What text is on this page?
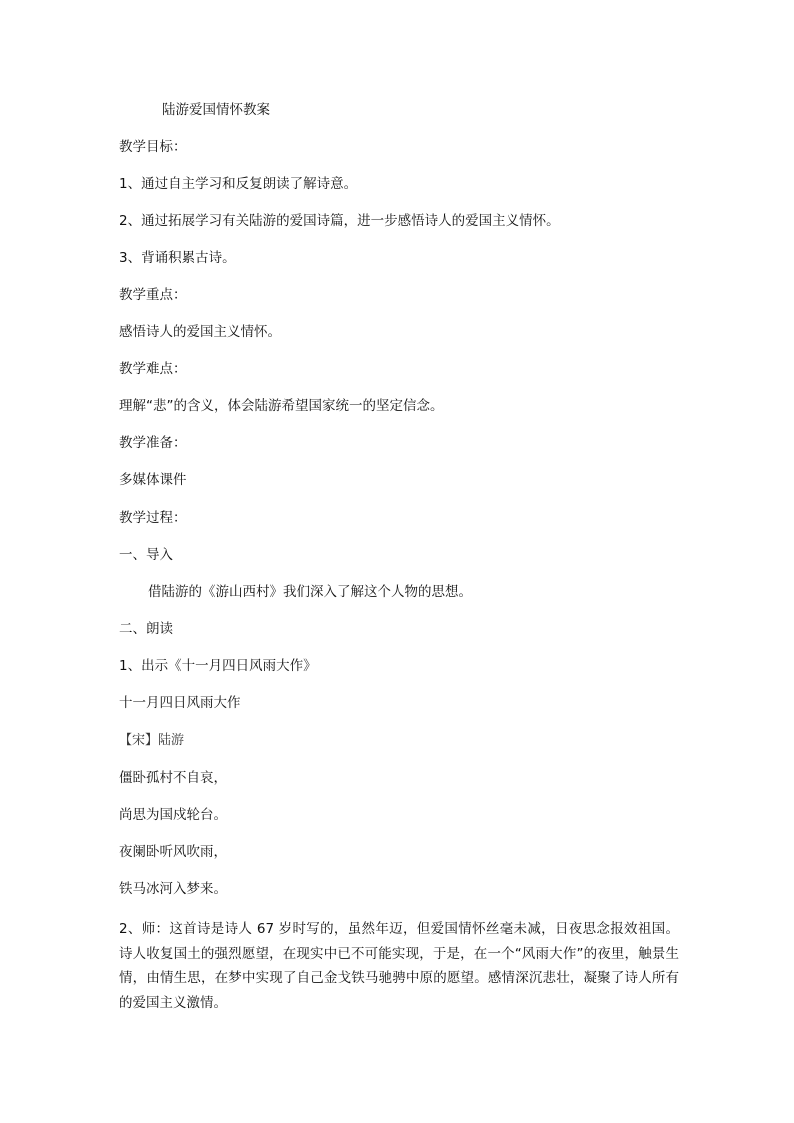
陆游爱国情怀教案
教学目标：
1、通过自主学习和反复朗读了解诗意。
2、通过拓展学习有关陆游的爱国诗篇，进一步感悟诗人的爱国主义情怀。
3、背诵积累古诗。
教学重点：
感悟诗人的爱国主义情怀。
教学难点：
理解“悲”的含义，体会陆游希望国家统一的坚定信念。
教学准备：
多媒体课件
教学过程：
一、导入
借陆游的《游山西村》我们深入了解这个人物的思想。
二、朗读
1、出示《十一月四日风雨大作》
十一月四日风雨大作
【宋】陆游
僵卧孤村不自哀，
尚思为国戍轮台。
夜阑卧听风吹雨，
铁马冰河入梦来。
2、师：这首诗是诗人 67 岁时写的，虽然年迈，但爱国情怀丝毫未减，日夜思念报效祖国。诗人收复国土的强烈愿望，在现实中已不可能实现，于是，在一个“风雨大作”的夜里，触景生情，由情生思，在梦中实现了自己金戈铁马驰骋中原的愿望。感情深沉悲壮，凝聚了诗人所有的爱国主义激情。
